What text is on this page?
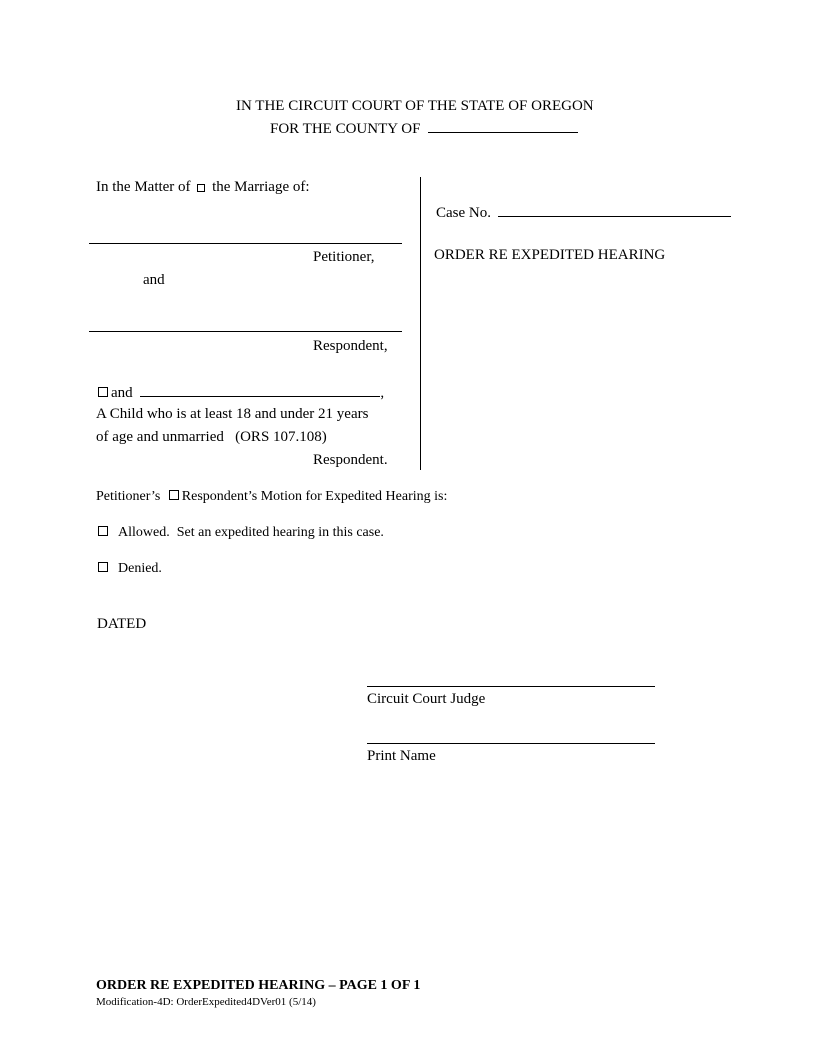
IN THE CIRCUIT COURT OF THE STATE OF OREGON
FOR THE COUNTY OF
In the Matter of the Marriage of:
Petitioner,
and
Respondent,
and	,
A Child who is at least 18 and under 21 years
of age and unmarried   (ORS 107.108)
Respondent.
Case No.
ORDER RE EXPEDITED HEARING
Petitioner’s Respondent’s Motion for Expedited Hearing is:
Allowed.  Set an expedited hearing in this case.
Denied.
DATED
Circuit Court Judge
Print Name
ORDER RE EXPEDITED HEARING – PAGE 1 OF 1
Modification-4D: OrderExpedited4DVer01 (5/14)
